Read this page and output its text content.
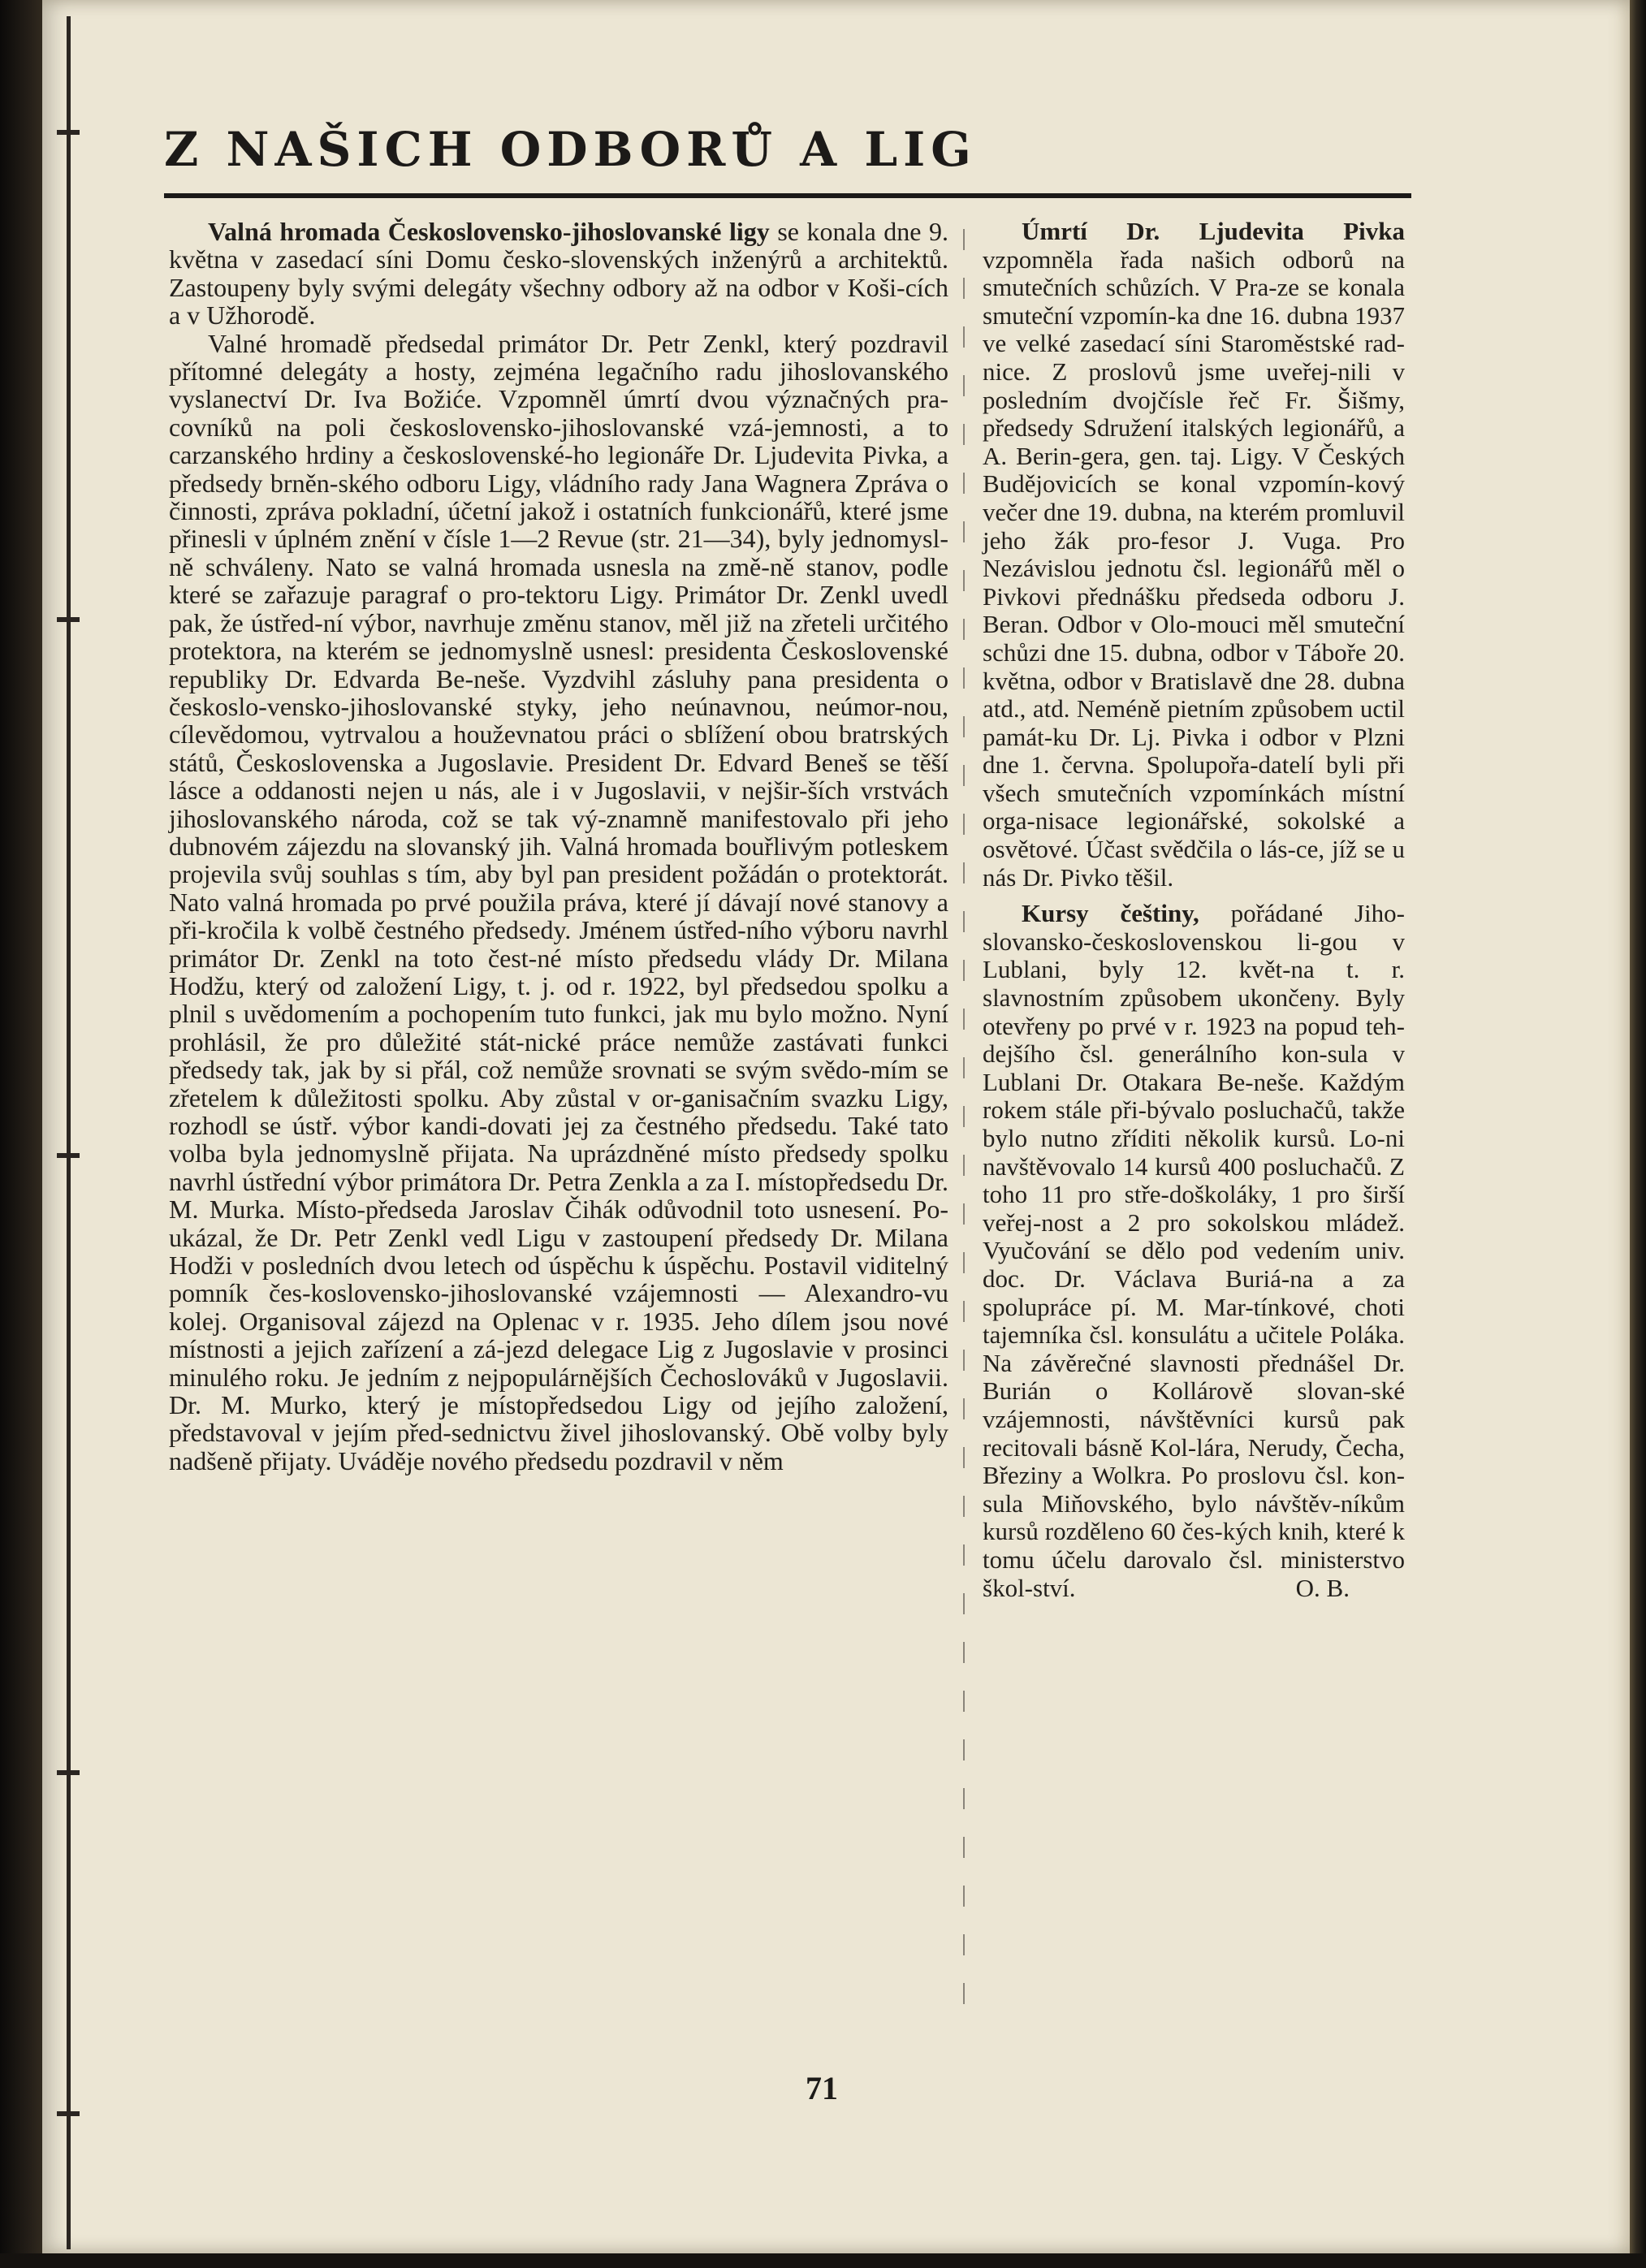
Z NAŠICH ODBORŮ A LIG

Valná hromada Československo-jihoslovanské ligy se konala dne 9. května v zasedací síni Domu česko-slovenských inženýrů a architektů. Zastoupeny byly svými delegáty všechny odbory až na odbor v Koši-cích a v Užhorodě.

Valné hromadě předsedal primátor Dr. Petr Zenkl, který pozdravil přítomné delegáty a hosty, zejména legačního radu jihoslovanského vyslanectví Dr. Iva Božiće. Vzpomněl úmrtí dvou význačných pra-covníků na poli československo-jihoslovanské vzá-jemnosti, a to carzanského hrdiny a československé-ho legionáře Dr. Ljudevita Pivka, a předsedy brněn-ského odboru Ligy, vládního rady Jana Wagnera Zpráva o činnosti, zpráva pokladní, účetní jakož i ostatních funkcionářů, které jsme přinesli v úplném znění v čísle 1—2 Revue (str. 21—34), byly jednomysl-ně schváleny. Nato se valná hromada usnesla na změ-ně stanov, podle které se zařazuje paragraf o pro-tektoru Ligy. Primátor Dr. Zenkl uvedl pak, že ústřed-ní výbor, navrhuje změnu stanov, měl již na zřeteli určitého protektora, na kterém se jednomyslně usnesl: presidenta Československé republiky Dr. Edvarda Be-neše. Vyzdvihl zásluhy pana presidenta o českoslo-vensko-jihoslovanské styky, jeho neúnavnou, neúmor-nou, cílevědomou, vytrvalou a houževnatou práci o sblížení obou bratrských států, Československa a Jugoslavie. President Dr. Edvard Beneš se těší lásce a oddanosti nejen u nás, ale i v Jugoslavii, v nejšir-ších vrstvách jihoslovanského národa, což se tak vý-znamně manifestovalo při jeho dubnovém zájezdu na slovanský jih. Valná hromada bouřlivým potleskem projevila svůj souhlas s tím, aby byl pan president požádán o protektorát. Nato valná hromada po prvé použila práva, které jí dávají nové stanovy a při-kročila k volbě čestného předsedy. Jménem ústřed-ního výboru navrhl primátor Dr. Zenkl na toto čest-né místo předsedu vlády Dr. Milana Hodžu, který od založení Ligy, t. j. od r. 1922, byl předsedou spolku a plnil s uvědomením a pochopením tuto funkci, jak mu bylo možno. Nyní prohlásil, že pro důležité stát-nické práce nemůže zastávati funkci předsedy tak, jak by si přál, což nemůže srovnati se svým svědo-mím se zřetelem k důležitosti spolku. Aby zůstal v or-ganisačním svazku Ligy, rozhodl se ústř. výbor kandi-dovati jej za čestného předsedu. Také tato volba byla jednomyslně přijata. Na uprázdněné místo předsedy spolku navrhl ústřední výbor primátora Dr. Petra Zenkla a za I. místopředsedu Dr. M. Murka. Místo-předseda Jaroslav Čihák odůvodnil toto usnesení. Po-ukázal, že Dr. Petr Zenkl vedl Ligu v zastoupení předsedy Dr. Milana Hodži v posledních dvou letech od úspěchu k úspěchu. Postavil viditelný pomník čes-koslovensko-jihoslovanské vzájemnosti — Alexandro-vu kolej. Organisoval zájezd na Oplenac v r. 1935. Jeho dílem jsou nové místnosti a jejich zařízení a zá-jezd delegace Lig z Jugoslavie v prosinci minulého roku. Je jedním z nejpopulárnějších Čechoslováků v Jugoslavii. Dr. M. Murko, který je místopředsedou Ligy od jejího založení, představoval v jejím před-sednictvu živel jihoslovanský. Obě volby byly nadšeně přijaty. Uváděje nového předsedu pozdravil v něm

Úmrtí Dr. Ljudevita Pivka vzpomněla řada našich odborů na smutečních schůzích. V Pra-ze se konala smuteční vzpomín-ka dne 16. dubna 1937 ve velké zasedací síni Staroměstské rad-nice. Z proslovů jsme uveřej-nili v posledním dvojčísle řeč Fr. Šišmy, předsedy Sdružení italských legionářů, a A. Berin-gera, gen. taj. Ligy. V Českých Budějovicích se konal vzpomín-kový večer dne 19. dubna, na kterém promluvil jeho žák pro-fesor J. Vuga. Pro Nezávislou jednotu čsl. legionářů měl o Pivkovi přednášku předseda odboru J. Beran. Odbor v Olo-mouci měl smuteční schůzi dne 15. dubna, odbor v Táboře 20. května, odbor v Bratislavě dne 28. dubna atd., atd. Neméně pietním způsobem uctil památ-ku Dr. Lj. Pivka i odbor v Plzni dne 1. června. Spolupořa-datelí byli při všech smutečních vzpomínkách místní orga-nisace legionářské, sokolské a osvětové. Účast svědčila o lás-ce, jíž se u nás Dr. Pivko těšil.

Kursy češtiny, pořádané Jiho-slovansko-československou li-gou v Lublani, byly 12. květ-na t. r. slavnostním způsobem ukončeny. Byly otevřeny po prvé v r. 1923 na popud teh-dejšího čsl. generálního kon-sula v Lublani Dr. Otakara Be-neše. Každým rokem stále při-bývalo posluchačů, takže bylo nutno zříditi několik kursů. Lo-ni navštěvovalo 14 kursů 400 posluchačů. Z toho 11 pro stře-doškoláky, 1 pro širší veřej-nost a 2 pro sokolskou mládež. Vyučování se dělo pod vedením univ. doc. Dr. Václava Buriá-na a za spolupráce pí. M. Mar-tínkové, choti tajemníka čsl. konsulátu a učitele Poláka. Na závěrečné slavnosti přednášel Dr. Burián o Kollárově slovan-ské vzájemnosti, návštěvníci kursů pak recitovali básně Kol-lára, Nerudy, Čecha, Březiny a Wolkra. Po proslovu čsl. kon-sula Miňovského, bylo návštěv-níkům kursů rozděleno 60 čes-kých knih, které k tomu účelu darovalo čsl. ministerstvo škol-ství.	O. B.

71
